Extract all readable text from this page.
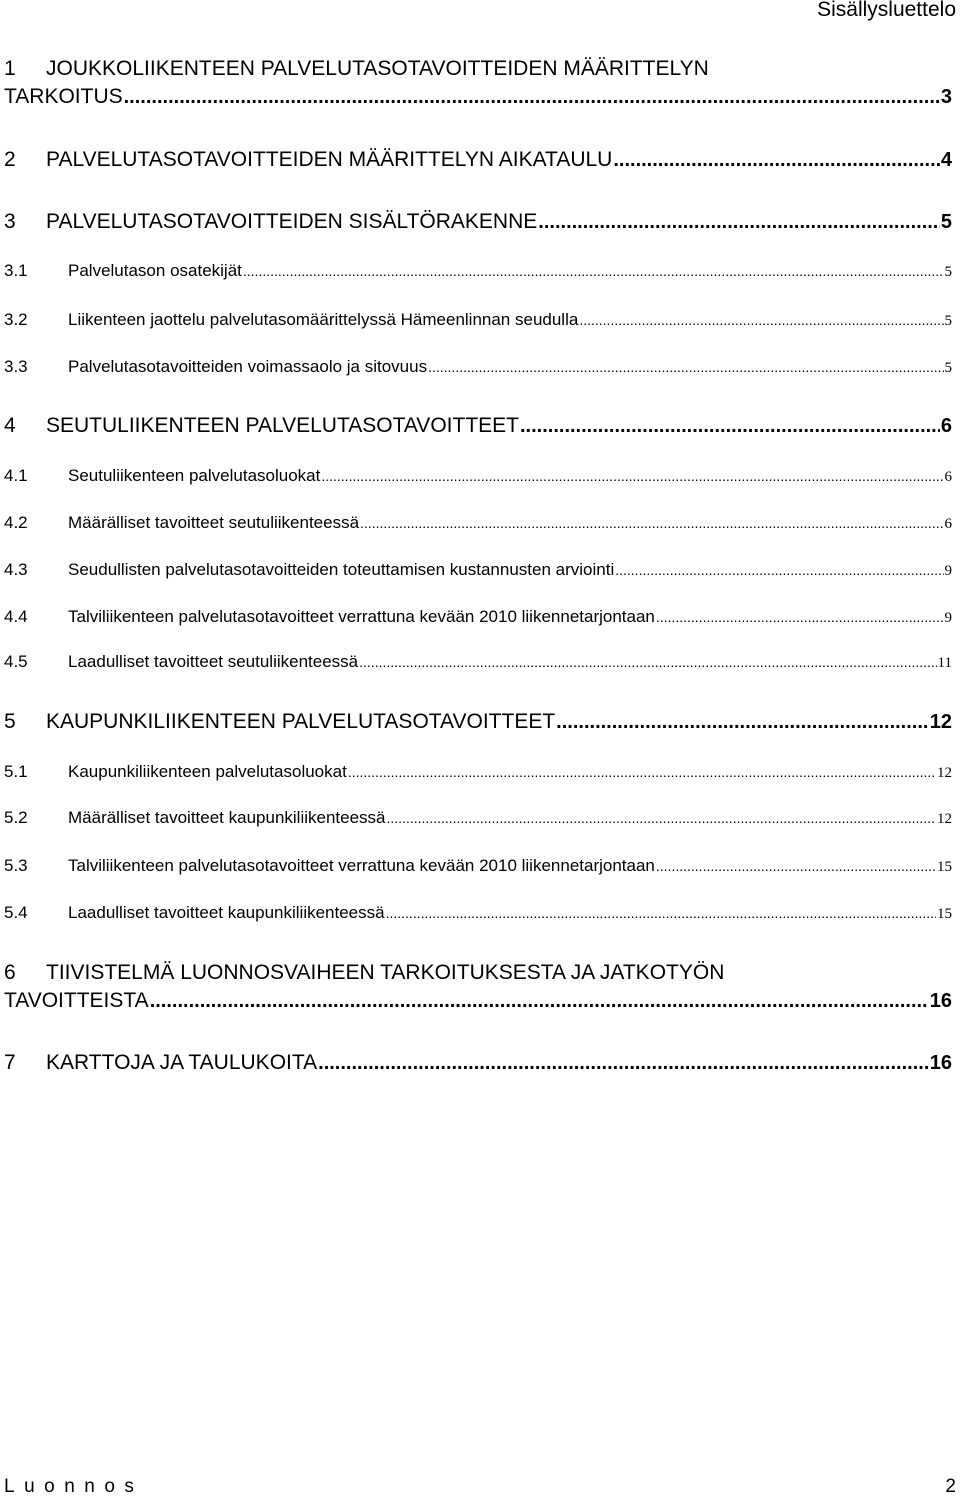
Sisällysluettelo
1 JOUKKOLIIKENTEEN PALVELUTASOTAVOITTEIDEN MÄÄRITTELYN
TARKOITUS .....	3
2	PALVELUTASOTAVOITTEIDEN MÄÄRITTELYN AIKATAULU .....	4
3	PALVELUTASOTAVOITTEIDEN SISÄLTÖRAKENNE .....	5
3.1	Palvelutason osatekijät .....	5
3.2	Liikenteen jaottelu palvelutasomäärittelyssä Hämeenlinnan seudulla .....	5
3.3	Palvelutasotavoitteiden voimassaolo ja sitovuus .....	5
4	SEUTULIIKENTEEN PALVELUTASOTAVOITTEET .....	6
4.1	Seutuliikenteen palvelutasoluokat .....	6
4.2	Määrälliset tavoitteet seutuliikenteessä .....	6
4.3	Seudullisten palvelutasotavoitteiden toteuttamisen kustannusten arviointi .....	9
4.4	Talviliikenteen palvelutasotavoitteet verrattuna kevään 2010 liikennetarjontaan .....	9
4.5	Laadulliset tavoitteet seutuliikenteessä .....	11
5	KAUPUNKILIIKENTEEN PALVELUTASOTAVOITTEET .....	12
5.1	Kaupunkiliikenteen palvelutasoluokat .....	12
5.2	Määrälliset tavoitteet kaupunkiliikenteessä .....	12
5.3	Talviliikenteen palvelutasotavoitteet verrattuna kevään 2010 liikennetarjontaan .....	15
5.4	Laadulliset tavoitteet kaupunkiliikenteessä .....	15
6 TIIVISTELMÄ LUONNOSVAIHEEN TARKOITUKSESTA JA JATKOTYÖN
TAVOITTEISTA .....	16
7	KARTTOJA JA TAULUKOITA .....	16
Luonnos	2
